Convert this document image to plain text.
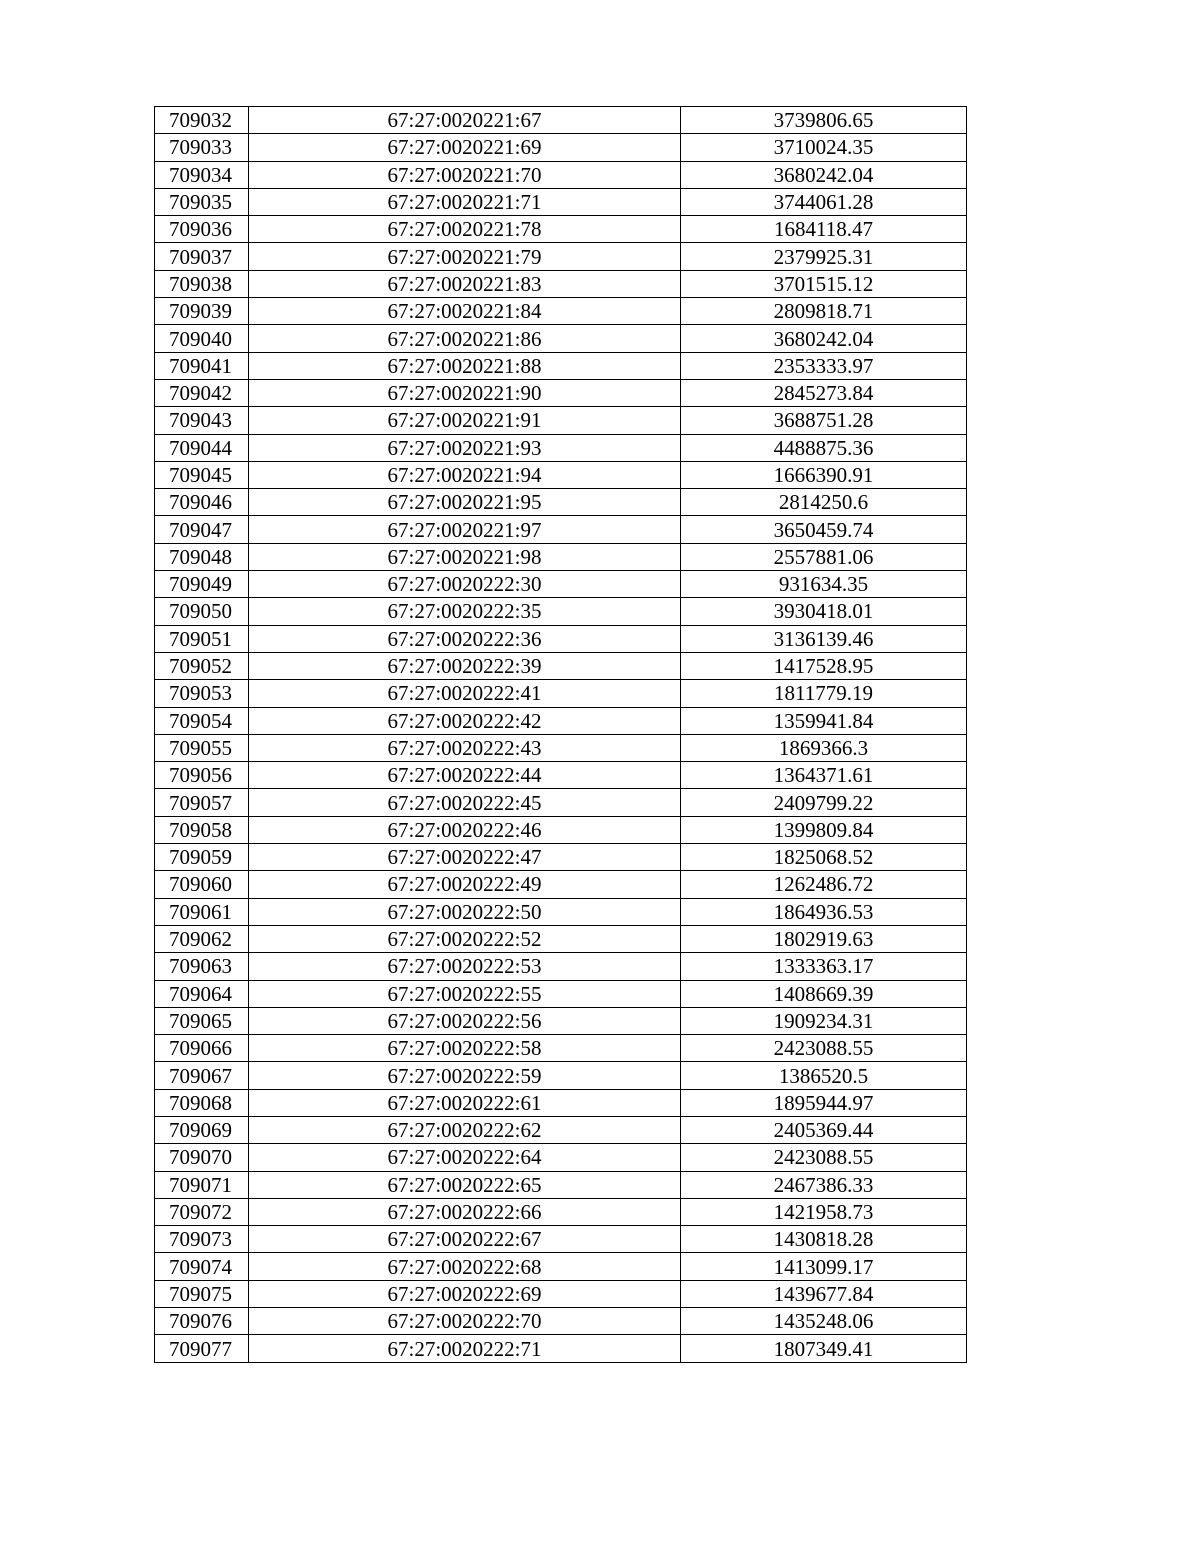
709032	67:27:0020221:67	3739806.65
709033	67:27:0020221:69	3710024.35
709034	67:27:0020221:70	3680242.04
709035	67:27:0020221:71	3744061.28
709036	67:27:0020221:78	1684118.47
709037	67:27:0020221:79	2379925.31
709038	67:27:0020221:83	3701515.12
709039	67:27:0020221:84	2809818.71
709040	67:27:0020221:86	3680242.04
709041	67:27:0020221:88	2353333.97
709042	67:27:0020221:90	2845273.84
709043	67:27:0020221:91	3688751.28
709044	67:27:0020221:93	4488875.36
709045	67:27:0020221:94	1666390.91
709046	67:27:0020221:95	2814250.6
709047	67:27:0020221:97	3650459.74
709048	67:27:0020221:98	2557881.06
709049	67:27:0020222:30	931634.35
709050	67:27:0020222:35	3930418.01
709051	67:27:0020222:36	3136139.46
709052	67:27:0020222:39	1417528.95
709053	67:27:0020222:41	1811779.19
709054	67:27:0020222:42	1359941.84
709055	67:27:0020222:43	1869366.3
709056	67:27:0020222:44	1364371.61
709057	67:27:0020222:45	2409799.22
709058	67:27:0020222:46	1399809.84
709059	67:27:0020222:47	1825068.52
709060	67:27:0020222:49	1262486.72
709061	67:27:0020222:50	1864936.53
709062	67:27:0020222:52	1802919.63
709063	67:27:0020222:53	1333363.17
709064	67:27:0020222:55	1408669.39
709065	67:27:0020222:56	1909234.31
709066	67:27:0020222:58	2423088.55
709067	67:27:0020222:59	1386520.5
709068	67:27:0020222:61	1895944.97
709069	67:27:0020222:62	2405369.44
709070	67:27:0020222:64	2423088.55
709071	67:27:0020222:65	2467386.33
709072	67:27:0020222:66	1421958.73
709073	67:27:0020222:67	1430818.28
709074	67:27:0020222:68	1413099.17
709075	67:27:0020222:69	1439677.84
709076	67:27:0020222:70	1435248.06
709077	67:27:0020222:71	1807349.41
